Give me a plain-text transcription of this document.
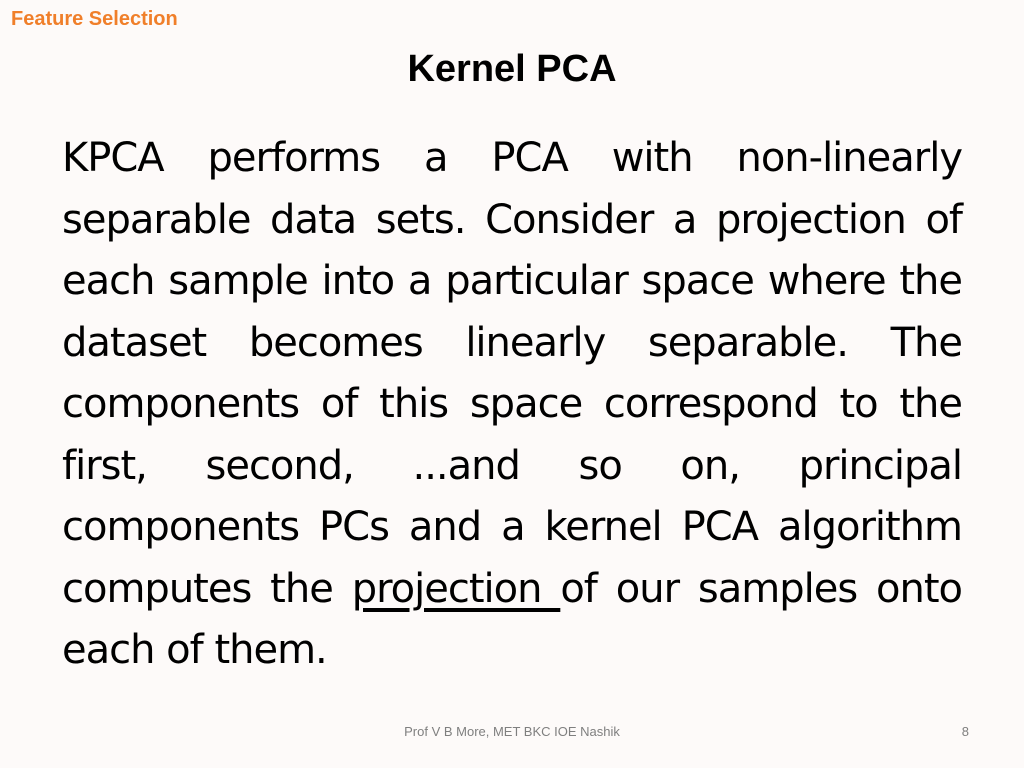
Feature Selection
Kernel PCA
KPCA performs a PCA with non-linearly separable data sets. Consider a projection of each sample into a particular space where the dataset becomes linearly separable. The components of this space correspond to the first, second, ...and so on, principal components PCs and a kernel PCA algorithm computes the projection of our samples onto each of them.
Prof V B More, MET BKC IOE Nashik	8
